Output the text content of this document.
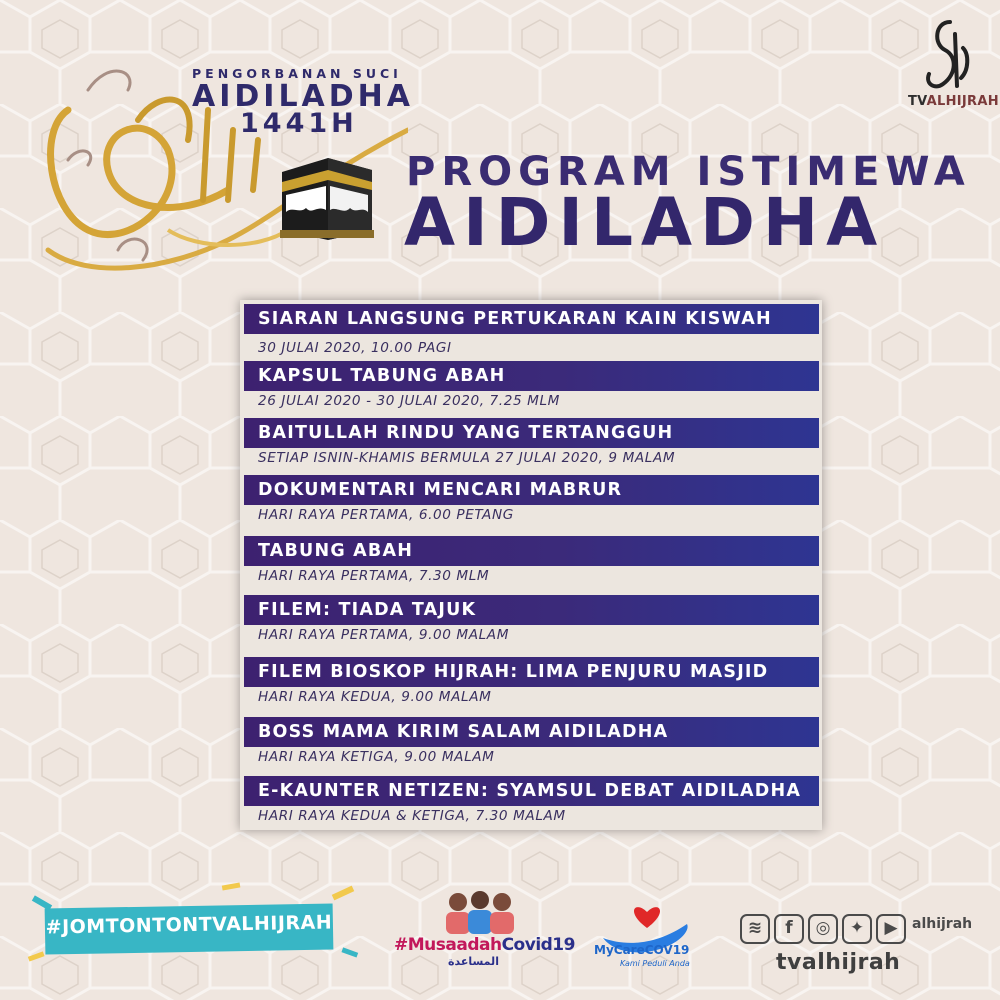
PENGORBANAN SUCI
AIDILADHA
1441H
PROGRAM ISTIMEWA
AIDILADHA
TVALHIJRAH
SIARAN LANGSUNG PERTUKARAN KAIN KISWAH
30 JULAI 2020, 10.00 PAGI
KAPSUL TABUNG ABAH
26 JULAI 2020 - 30 JULAI 2020, 7.25 MLM
BAITULLAH RINDU YANG TERTANGGUH
SETIAP ISNIN-KHAMIS BERMULA 27 JULAI 2020, 9 MALAM
DOKUMENTARI MENCARI MABRUR
HARI RAYA PERTAMA, 6.00 PETANG
TABUNG ABAH
HARI RAYA PERTAMA, 7.30 MLM
FILEM: TIADA TAJUK
HARI RAYA PERTAMA, 9.00 MALAM
FILEM BIOSKOP HIJRAH: LIMA PENJURU MASJID
HARI RAYA KEDUA, 9.00 MALAM
BOSS MAMA KIRIM SALAM AIDILADHA
HARI RAYA KETIGA, 9.00 MALAM
E-KAUNTER NETIZEN: SYAMSUL DEBAT AIDILADHA
HARI RAYA KEDUA & KETIGA, 7.30 MALAM
#JOMTONTONTVALHIJRAH
#MusaadahCovid19
المساعدة
MyCareCOV19
Kami Peduli Anda
≋	f	◎	✦	▶	alhijrah
tvalhijrah
